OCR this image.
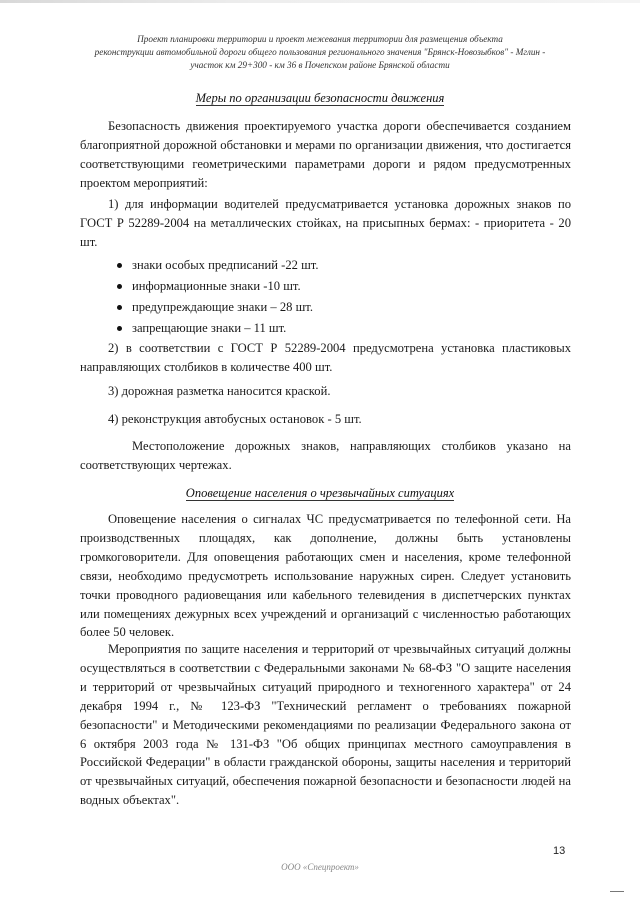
Проект планировки территории и проект межевания территории для размещения объекта
реконструкции автомобильной дороги общего пользования регионального значения "Брянск-Новозыбков" - Мглин -
участок км 29+300 - км 36 в Почепском районе Брянской области
Меры по организации безопасности движения

Безопасность движения проектируемого участка дороги обеспечивается созданием благоприятной дорожной обстановки и мерами по организации движения, что достигается соответствующими геометрическими параметрами дороги и рядом предусмотренных проектом мероприятий:

1) для информации водителей предусматривается установка дорожных знаков по ГОСТ Р 52289-2004 на металлических стойках, на присыпных бермах: - приоритета - 20 шт.

знаки особых предписаний -22 шт.
информационные знаки -10 шт.
предупреждающие знаки – 28 шт.
запрещающие знаки – 11 шт.

2) в соответствии с ГОСТ Р 52289-2004 предусмотрена установка пластиковых направляющих столбиков в количестве 400 шт.

3) дорожная разметка наносится краской.

4) реконструкция автобусных остановок - 5 шт.

Местоположение дорожных знаков, направляющих столбиков указано на соответствующих чертежах.

Оповещение населения о чрезвычайных ситуациях

Оповещение населения о сигналах ЧС предусматривается по телефонной сети. На производственных площадях, как дополнение, должны быть установлены громкоговорители. Для оповещения работающих смен и населения, кроме телефонной связи, необходимо предусмотреть использование наружных сирен. Следует установить точки проводного радиовещания или кабельного телевидения в диспетчерских пунктах или помещениях дежурных всех учреждений и организаций с численностью работающих более 50 человек.

Мероприятия по защите населения и территорий от чрезвычайных ситуаций должны осуществляться в соответствии с Федеральными законами № 68-ФЗ "О защите населения и территорий от чрезвычайных ситуаций природного и техногенного характера" от 24 декабря 1994 г., № 123-ФЗ "Технический регламент о требованиях пожарной безопасности" и Методическими рекомендациями по реализации Федерального закона от 6 октября 2003 года № 131-ФЗ "Об общих принципах местного самоуправления в Российской Федерации" в области гражданской обороны, защиты населения и территорий от чрезвычайных ситуаций, обеспечения пожарной безопасности и безопасности людей на водных объектах".

13
ООО «Спецпроект»
